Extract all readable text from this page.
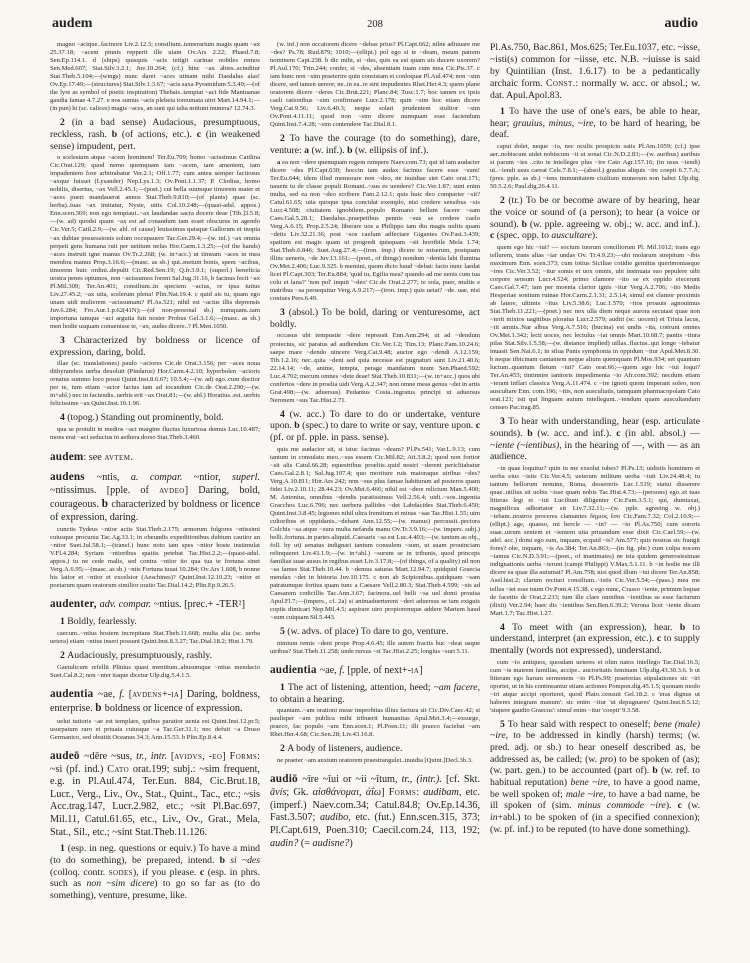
audem	208	audio

magno ~acique..facinore Liv.2.12.3; consilium..temerarium magis quam ~ax 25.37.18; ~acem pinnis repperit ille uiam Ov.Ars 2.22; Phaed.7.8; Sen.Ep.114.1. d (ships) quisquis ~acis tetigit carinae nobiles remos Sen.Med.607; Stat.Silv.3.2.1; Juv.10.264; (cf.) hinc ~ax abies..scinditur Stat.Theb.5.104;—(wings) nunc daret ~aces utinam mihi Daedalus alas! Ov.Ep.17.49;—(structures) Stat.Silv.1.3.67; ~acis saxa Pyramidum 5.3.49;—(of the lyre as symbol of poetic inspiration) Thebais..temptat ~aci fide Mantuanae gaudia famae 4.7.27. e nos sumus ~acis plebeia toreumata uitri Mart.14.94.1;—(in pun) hi (sc. calices) magis ~aces, an sunt qui talia mittunt munera? 12.74.3.

2 (in a bad sense) Audacious, presumptuous, reckless, rash. b (of actions, etc.). c (in weakened sense) impudent, pert.

o scelestum atque ~acem hominem! Ter.Eu.709; homo ~acissimus Catilina Cic.Orat.129; quod nemo quemquam tam ~acem, tam amentem, tam impudentem fore arbitrabatur Ver.2.1; Off.1.77; cum antea semper factiosus ~axque fuisset (Lysander) Nep.Lys.1.3; Ov.Pont.1.1.37; P. Clodius, homo nobilis, disertus, ~ax Vell.2.45.1;—(poet.) cui bella suumque timorem mater et ~aces pueri mandauerat annos Stat.Theb.9.810;—(of plants) quae (sc. herba)..tuas ~ax imitatur, Nysie, uitis Col.10.248;—(quasi-adsl. appos.) Enn.scen.369; non ego temptaui..~ax laudandae sacra docere deae [Tib.]3.5.8;—(w. ad) quodsi quam ~ax est ad conandum tam esset obscurus in agendo Cic.Ver.5; Catil.2.9;—(w. abl. of cause) leuissimus quisque Gallorum et inopia ~ax dubiae possessionis solum occupauere Tac.Ger.29.4;—(w. inf.) ~ax omnia perpeti gens humana ruit per uetitum nefas Hor.Carm.1.3.25;—(of the hands) ~aces instruit igne manus Ov.Tr.2.268; (w. in+acc.) ut timeam ~aces in mea membra manus Prop.3.16.6;—(masc. as sb.) qui..metum bonis, spem ~acibus, timorem huic ordini..depulit Cic.Red.Sen.19; Q.fr.3.9.1; (superl.) beneficia uostra penes optumos, non ~acissumos forent Sal.Jug.31.16, b facinus fecit ~ax Pl.Mil.309; Ter.An.401; consilium..in speciem ~acius, re ipsa tutius Liv.27.45.2; ~ax uita, scelerum plena! Plin.Nat.19.4. c quid ais tu, quam ego unam uidi mulierem ~acissumam? Pl.As.521; nihil est ~acius illis deprensis Juv.6.284; Fro.Aur.1.p.62(41N);—(of non-personal sb.) numquam..tam importuna tamque ~aci argutia fuit noster Probus Gel.3.1.6;—(masc. as sb.) men hodie usquam conuenisse te, ~ax, audes dicere..? Pl.Men.1050.

3 Characterized by boldness or licence of expression, daring, bold.

illae (sc. translationes) paulo ~aciores Cic.de Orat.3.156; per ~aces noua dithyrambos uerba deuoluit (Pindarus) Hor.Carm.4.2.10; hyperbolen ~acioris ornatus summo loco posui Quint.Inst.8.6.67; 10.5.4;—(w. ad) ego..cum doctior per te, tum etiam ~acior factus iam ad iocandum Cic.de Orat.2.290;—(w. in+abl.) nec in faciendis..uerbis erit ~ax Orat.81;—(w. abl.) Horatius..est..uerbis felicissime ~ax Quint.Inst.10.1.96.

4 (topog.) Standing out prominently, bold.

qua se protulit in medios ~aci margine fluctus luxuriosa domus Luc.10.487; mons erat ~aci seductus in aethera dorso Stat.Theb.3.460.

audem: see avtem.

audens ~ntis, a. compar. ~ntior, superl. ~ntissimus. [pple. of avdeo] Daring, bold, courageous. b characterized by boldness or licence of expression, daring.

cunctis Tydeus ~ntior actis Stat.Theb.2.175; armorum fulgores ~ntissimi cuiusque procursu Tac.Ag.33.1; in obeundis expeditionibus dubium cautior an ~ntior Suet.Jul.58.1;—(transf.) hunc noto iam spes ~ntior hoste instimulat V.Fl.4.284; Syriam ~ntioribus spatiis petebat Tac.Hist.2.2;—(quasi-adul. appos.) tu ne cede malis, sed contra ~ntior ito qua tua te fortuna sinet Verg.A.6.95;—(masc. as sb.) ~ntis Fortuna iuuat 10.284; Ov.Ars 1.608, b nonne his latior et ~ntior et excelsior (Aeschines)? Quint.Inst.12.10.23; ~ntior et poetarum quam oratorum similior oratio Tac.Dial.14.2; Plin.Ep.9.26.5.

audenter, adv. compar. ~ntius. [prec.+ -TER²]

1 Boldly, fearlessly.

caecum..~ntius hostem increpitans Stat.Theb.11.668; multa alia (sc. uerba uetera) etiam ~ntius inseri possunt Quint.Inst.8.3.27; Tac.Dial.18.2; Hist.1.79.

2 Audaciously, presumptuously, rashly.

Gaetulicum refellit Plinius quasi mentitum..abusumque ~ntius mendacio Suet.Cal.8.2; non ~nter itaque dicetur Ulp.dig.5.4.1.5.

audentia ~ae, f. [avdens+-ia] Daring, boldness, enterprise. b boldness or licence of expression.

uelut tutioris ~ae est templare, quibus paratior uenia est Quint.Inst.12.pr.5; usurpatum raro et priuata cuiusque ~a Tac.Ger.31.1; nec defuit ~a Druso Germanico, sed obstitit Oceanus 34.3; Ann.15.53. b Plin.Ep.8.4.4.

audeō ~dēre ~sus, tr., intr. [avidvs, -eo] Forms: ~si (pf. ind.) Cato orat.199; subj.: ~sim frequent, e.g. in Pl.Aul.474, Ter.Eun. 884, Cic.Brut.18, Lucr., Verg., Liv., Ov., Stat., Quint., Tac., etc.; ~sis Acc.trag.147, Lucr.2.982, etc.; ~sit Pl.Bac.697, Mil.11, Catul.61.65, etc., Liv., Ov., Grat., Mela, Stat., Sil., etc.; ~sint Stat.Theb.11.126.

1 (esp. in neg. questions or equiv.) To have a mind (to do something), be prepared, intend. b si ~des (colloq. contr. sodes), if you please. c (esp. in phrs. such as non ~sim dicere) to go so far as (to do something), venture, presume, like.

(w. inf.) non occatorem dicere ~debas prius? Pl.Capt.662; nilne adiuuare me ~des? Ps.78; Rud.879; 1010;—(ellipt.) pol ego si te ~deam, meum patrem nominem Capt.238. b dic mihi, si ~des, quis ea est quam uis ducere uxorem? Pl.Aul.170; Trin.244; confer, si ~des, absentiam tuam cum mea Cic.Pis.37. c iam hunc non ~sim praeterire quin consistam et conloquar Pl.Aul.474; non ~sim dicere, sed tamen uereor, ne..in ea..re sint impudentes Rhet.Her.4.3; quem plane oratorem dicere ~deres Cic.Brut.221; Planc.84; Tusc.1.7; hoc tamen ex ipsis caeli rationibus ~sim confirmare Lucr.2.178; quin ~sim hoc etiam dicere Verg.Cat.9.56; Liv.6.40.3; neque solari prudentem stultior ~sim Ov.Pont.4.11.11; quod non ~sim dicere numquam esse faciendum Quint.Inst.7.4.28; ~sim contendere Tac.Dial.8.1.

2 To have the courage (to do something), dare, venture: a (w. inf.). b (w. ellipsis of inf.).

a ea non ~dere quemquam regem rumpere Naev.com.73; qui id tam audacter dicere ~des Pl.Capt.630; hoccin tam audax facinus facere esse ~sum! Ter.Eu.644; idem illud memorare non ~deo, ne inuidiae siet Cato orat.171; nauem tu de classe populi Romani..~sus es uendere? Cic.Ver.1.87; sunt enim multa, sed ea non ~deo scribere Fam.2.12.1; quis huic deo comparier ~sit? Catul.61.65; uita quoque ipsa concidat exemplo, nisi credere sensibus ~sis Lucr.4.508; ciuitatem ignobilem..populo Romano bellum facere ~sam Caes.Gal.5.28.1; Daedalus..praepetibus pennis ~sus se credere caelo Verg.A.6.15; Prop.2.5.24; liberare uos a Philippo iam diu magis uultis quam ~detis Liv.32.21.36; post ~sos caelum adfectare Gigantes Ov.Fast.3.439; spatium est magis quam ut progredi quisquam ~sit horribile Mela 1.74; Stat.Theb.6.846; Suet.Aug.27.4;—(iron. imp.) dicere te miserum, postquam illinc ueneris, ~de Juv.13.161;—(poet., of things) nondum ~dentia labi flumina Ov.Met.2.406; Luc.9.325. b memini, quom dicto haud ~debat: facto nunc laedat licet Pl.Capt.303; Ter.Eu.884; 'quid tu, Egilia mea? quando ad me uenis cum tua colu et lana?' 'non pol' inquit '~deo' Cic.de Orat.2.277; te sola, puer, multis e matribus ~sa persequitur Verg.A.9.217;—(iron. imp.) quis uetat? ~de. uae, nisi coniues Pers.6.49.

3 (absol.) To be bold, daring or venturesome, act boldly.

occasus ubi tempustie ~dere repressit Enn.Ann.294; ut ad ~dendum proiectus, sic paratus ad audiendum Cic.Ver.1.2; Tim.13; Planc.Fam.10.24.6; saepe mare ~dendo uincere Verg.Cat.9.48; auctor ego ~dendi A.12.159; Tib.1.2.16; nec..quia ~dent sed quia necesse est pugnaturi sunt Liv.21.40.6; 22.14.14; ~de, anime, tempta, perage mandatum tuum Sen.Phaed.592; Luc.4.702; mecum omnes ~dete deae! Stat.Theb.10.831;—(w. in+acc.) quos ubi confertos ~dere in proelia uidi Verg.A.2.347; non omne meas genus ~det in artis Grat.498;—(w. aduersus) Pedanius Costa..ingratus principi ut aduersus Neronem ~sus Tac.Hist.2.71.

4 (w. acc.) To dare to do or undertake, venture upon. b (spec.) to dare to write or say, venture upon. c (pf. or pf. pple. in pass. sense).

quis me audacior sit, si istuc facinus ~deam? Pl.Ps.541; Var.L.9.13; cum tantum in consulatu meo..~sus essem Cic.Mil.82; Att.3.8.2; quod non fortior ~sit alis Catul.66.28; equestribus proeliis..quid nostri ~derent periclitabatur Caes.Gal.2.8.1; Sal.Jug.107.4; quo moriture ruis maioraque uiribus ~des? Verg.A.10.811; Hor.Ars 242; rem ~sus plus famae habituram ad posteros quam fidei Liv.2.10.11; 28.44.23; Ov.Met.6.466; nihil est ~dere relictum Man.5.400; M. Antonius, omnibus ~dendis paratissimus Vell.2.56.4; uidi..~sos..ingentia Gracchos Luc.6.796; nec uerbera pallides ~det Labdacides Stat.Theb.6.450; Quint.Inst.3.8.45; legiones nihil ultra fremitum et minas ~sae Tac.Hist.1.55; uim cultoribus et oppidanis..~debant Ann.12.55;—(w. manus) percussit..pectora Colchis ~sa atque ~sura multa nefanda manu Ov.Tr.3.9.16;—(w. impers. subj.) belli..fortuna..in partes aliquid..Caesaris ~sa est Luc.4.403;—(w. tantum as obj., foll. by ut) senatus indignari tantum consulem ~sum, ut suam prouinciam relinqueret Liv.43.1.9;—(w. in+abl.) ~surum se in tribunis, quod princeps familiae suae ausus in regibus esset Liv.3.17.8;—(of things, of a quality) nil non ~sa fames Stat.Theb.10.44. b ~demus saturas Mart.12.94.7; quidquid Graecia mendax ~det in historia Juv.10.175. c non ab Scipionibus..quidquam ~sam patratumque fortius quam tunc a Caesare Vell.2.80.3; Stat.Theb.4.599; ~sis ad Caesarem codicillis Tac.Ann.3.67; facinora..uel belli ~sa uel domi prouisa Apul.Fl.7;—(impers., cf. 2a) si animaduerterent ~deri aduersus se tam exiguis copiis dimicari Nep.Mil.4.5; aspirare uiro propioremque addere Martem haud ~sum cuiquam Sil.5.443.

5 (w. advs. of place) To dare to go, venture.

nimium remis ~dent prope Prop.4.6.45; ille autem fractis huc ~deat usque uiribus? Stat.Theb.11.258; unde rursus ~si Tac.Hist.2.25; longius ~suri 5.11.

audientia ~ae, f. [pple. of next+-ia]

1 The act of listening, attention, heed; ~am facere, to obtain a hearing.

quantam..~am orationi meae improbitas illius factura sit Cic.Div.Caec.42; si paulisper ~am publica mihi tribuerit humanitas Apul.Met.3.4;—exsurge, praeco, fac populo ~am Enn.scen.1; Pl.Poen.11; illi praeco faciebat ~am Rhet.Her.4.68; Cic.Sen.28; Liv.43.16.8.

2 A body of listeners, audience.

ne praeter ~am anxium oratorem praestrangulet..inuidia [Quint.]Decl.3b.3.

audiō ~īre ~īui or ~ii ~ītum, tr., (intr.). [cf. Skt. āvís; Gk. αἰσθάνομαι, ἀΐω] Forms: audibam, etc. (imperf.) Naev.com.34; Catul.84.8; Ov.Ep.14.36, Fast.3.507; audibo, etc. (fut.) Enn.scen.315, 373; Pl.Capt.619, Poen.310; Caecil.com.24, 113, 192; audin? (= audisne?)

Pl.As.750, Bac.861, Mos.625; Ter.Eu.1037, etc. ~isse, ~isti(s) common for ~iisse, etc. N.B. ~iuisse is said by Quintilian (Inst. 1.6.17) to be a pedantically archaic form. Const.: normally w. acc. or absol.; w. dat. Apul.Apol.83.

1 To have the use of one's ears, be able to hear, hear; grauius, minus, ~ire, to be hard of hearing, be deaf.

caput dolet, neque ~io, nec oculis prospicio satis Pl.Am.1059; (cf.) ipse aer..nobiscum uidet nobiscum ~it ut sonat Cic.N.D.2.83;—(w. auribus) auribus si parum ~ies ..cito te intelleges plus ~ire Cato Agr.157.16; (in usus ~iendi) ut..~iendi usus careat Cels.7.8.1;—(absol.) grauius aliquis ~ire coepit 6.7.7.A; (pres. pple. as sb.) ~iens immunitatem ciuilium munerum non habet Ulp.dig. 50.5.2.6; Paul.dig.26.4.11.

2 (tr.) To be or become aware of by hearing, hear the voice or sound of (a person); to hear (a voice or sound). b (w. pple. agreeing w. obj.; w. acc. and inf.). c (spec. opp. to auscultare).

quem ego hic ~iui? — socium tuorum conciliorum Pl. Mil.1012; trans ego tellurem, trans altas ~iar undas Ov. Tr.4.9.23;—ubi molarum strepitum ~ibis maximum Enn. scen.373; cum totius Siciliae cotidie gemitus querimoniasque ~ires Cic.Ver.3.52; ~itur sonus et uox omnis, ubi insinuata suo pepulere uibi corpore sensum Lucr.4.524; primo clamore ~ito se ex oppido eiecerunt Caes.Gal.7.47; iam per moenia clarior ignis ~itur Verg.A.2.706; ~ito Medis Hesperiae sonitum ruinae Hor.Carm.2.1.31; 2.5.14; simul est clamor proximis ab latere, ultimis ~itus Liv.5.38.6; Luc.1.570; ~itos proauis agnouimus Stat.Theb.11.221;—(poet.) nec nox ulla diem neque aurora secutast quae non ~ierit mixtos uagitibus ploratus Lucr.2.579; auditi (sc. uocem) et Triuia lacus, ~iit amnis..Nar albus Verg.A.7.516; (bucina) est undis ~ita, coërunt omnes Ov.Met.1.342; lecti uoces, nec lectulus ~iat omnis Mart.10.68.7; pantis ~itura pilas Stat.Silv.1.5.58;—(w. distance implied) uillas..fluctus..qui longe ~iebatur inuasit Sen.Nat.6.1; in silua Panis symphonia in oppidum ~itur Apul.Met.8.30. b neque tibicinam cantantem neque alium quemquam Pl.Mos.934; set quantum luctum..quantum fletum ~iui? Cato orat.66;—quem ego hic ~iui loqui? Ter.An.453; tintinnire ianitoris impedimenta ~io Afr.com.392; necdum etiam ~ierant inflari classica Verg.A.11.474. c ~ire ignoti quom imperant soleo, non auscultare Enn. com.196; ~itis, non auscultatis, tamquam pharmacopolam Cato orat.121; isti qui linguam auium intellegunt..~iendum quam auscultandum censeo Pac.trag.85.

3 To hear with understanding, hear (esp. articulate sounds). b (w. acc. and inf.). c (in abl. absol.) — ~iente (~ientibus), in the hearing of —, with — as an audience.

~in quae loquitur? quin tu me exsolui iubes? Pl.Ps.13; uidistis hominem et uerba eius ~istis Cic.Ver.4.5; ueterum militum uerba ~iuit Liv.24.48.4; tu tantum bellorum nomine, Roma, dessereris Luc.1.519; statui disserere quae..utilius sit uobis ~isse quam nobis Tac.Hist.4.73;—(persons) ego..et tuas litteras legi et ~iui Lucilium diligenter Cic.Fam.3.5.1; qui, dumtaxat, magnificus adhortator sit Liv.7.32.11;—(w. pple. agreeing w. obj.) ~iebam..nostros proceres clamantes δήμιος ἔσο Cic.Fam.7.32; Col.2.10.9;—(ellipt.) age, quaeso, mi hercle — ~in? — ~io Pl.As.750; cum sororis suae..uirum sentem et ~ientem uita priuandum esse dixit Cic.Cael.59;—(w. adel. acc.) domi ego sum, inquam, ecquid ~is? Am.577; quis nostras sic frangit fores? ohe, inquam, ~is As.384; Ter.An.863;—(in fig. phr.) cum culpa nocem ~iamus Cic.N.D.3.91;—(poet., of inanimates) ne ista quidem generosissimae indignationis uerba ~ierunt (campi Philippi) V.Max.5.1.11. b ~in hodie me illi dicere ea quae illa autumat? Pl.Am.758; nisi quod illum ~iui dicere Ter.An.858; Asel.hist.2; clarum recitari consilium..~istis Cic.Ver.5.54;—(pass.) mea me tellus ~iet esse tuum Ov.Pont.4.15.38. c ego nunc, Crasso ~iente, primum loquar de facetiis de Orat.2.233; tum ille clare omnibus ~ientibus se esse facturum (dixit) Ver.2.94; haec dis ~ientibus Sen.Ben.6.39.2; Verona licet ~iente dicam Mart.1.7; Tac.Hist.1.27.

4 To meet with (an expression), hear. b to understand, interpret (an expression, etc.). c to supply mentally (words not expressed), understand.

cum ~io antiquos, quosdam ueteres et olim natos intellego Tac.Dial.16.5; cum ~is matrem familias, accipe.. auctoritatis feminam Ulp.dig.43.30.3.6. b ut litteram ego harum sermonem ~io Pl.Ps.99; praetorias stipulationes sic ~iri oportet, ut in his contineantur etiam actiones Pompon.dig.45.1.5; quonam modo ~iri atque accipi oporteret, quod Plato..censuit Gel.18.2. c 'eras dignus ut haberes integram manum': sic enim ~itur 'ut depugnares' Quint.Inst.8.5.12; 'stupere gaudio Graecus': simul enim ~itur 'coepit' 9.3.58.

5 To hear said with respect to oneself; bene (male) ~ire, to be addressed in kindly (harsh) terms; (w. pred. adj. or sb.) to hear oneself described as, be addressed as, be called; (w. pro) to be spoken of (as); (w. part. gen.) to be accounted (part of). b (w. ref. to habitual reputation) bene ~ire, to have a good name, be well spoken of; male ~ire, to have a bad name, be ill spoken of (sim. minus commode ~ire). c (w. in+abl.) to be spoken of (in a specified connexion); (w. pf. inf.) to be reputed (to have done something).
